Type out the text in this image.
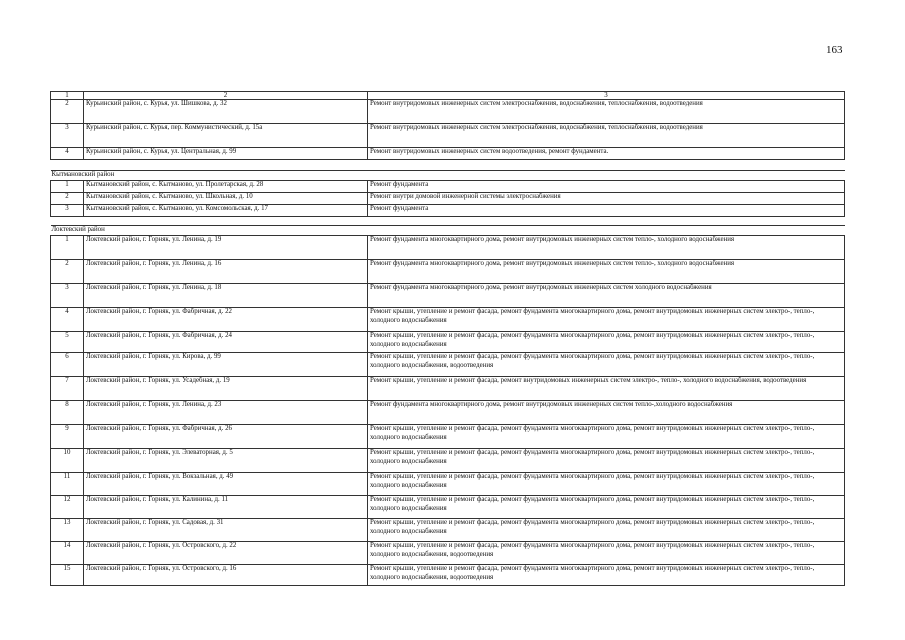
163
1	2	3
2	Курьинский район, с. Курья, ул. Шишкова, д. 32	Ремонт внутридомовых инженерных систем электроснабжения, водоснабжения, теплоснабжения, водоотведения
3	Курьинский район, с. Курья, пер. Коммунистический, д. 15а	Ремонт внутридомовых инженерных систем электроснабжения, водоснабжения, теплоснабжения, водоотведения
4	Курьинский район, с. Курья, ул. Центральная, д. 99	Ремонт внутридомовых инженерных систем водоотведения, ремонт фундамента.

Кытмановский район		
1	Кытмановский район, с. Кытманово, ул. Пролетарская, д. 28	Ремонт фундамента
2	Кытмановский район, с. Кытманово, ул. Школьная, д. 10	Ремонт внутри домовой инженерной системы электроснабжения
3	Кытмановский район, с. Кытманово, ул. Комсомольская, д. 17	Ремонт фундамента

Локтевский район		
1	Локтевский район, г. Горняк, ул. Ленина, д. 19	Ремонт фундамента многоквартирного дома, ремонт внутридомовых инженерных систем тепло-, холодного водоснабжения
2	Локтевский район, г. Горняк, ул. Ленина, д. 16	Ремонт фундамента многоквартирного дома, ремонт внутридомовых инженерных систем тепло-, холодного водоснабжения
3	Локтевский район, г. Горняк, ул. Ленина, д. 18	Ремонт фундамента многоквартирного дома, ремонт внутридомовых инженерных систем холодного водоснабжения
4	Локтевский район, г. Горняк, ул. Фабричная, д. 22	Ремонт крыши, утепление и ремонт фасада, ремонт фундамента многоквартирного дома, ремонт внутридомовых инженерных систем электро-, тепло-, холодного водоснабжения
5	Локтевский район, г. Горняк, ул. Фабричная, д. 24	Ремонт крыши, утепление и ремонт фасада, ремонт фундамента многоквартирного дома, ремонт внутридомовых инженерных систем электро-, тепло-, холодного водоснабжения
6	Локтевский район, г. Горняк, ул. Кирова, д. 99	Ремонт крыши, утепление и ремонт фасада, ремонт фундамента многоквартирного дома, ремонт внутридомовых инженерных систем электро-, тепло-, холодного водоснабжения, водоотведения
7	Локтевский район, г. Горняк, ул. Усадебная, д. 19	Ремонт крыши, утепление и ремонт фасада, ремонт внутридомовых инженерных систем электро-, тепло-, холодного водоснабжения, водоотведения
8	Локтевский район, г. Горняк, ул. Ленина, д. 23	Ремонт фундамента многоквартирного дома, ремонт внутридомовых инженерных систем тепло-,холодного водоснабжения
9	Локтевский район, г. Горняк, ул. Фабричная, д. 26	Ремонт крыши, утепление и ремонт фасада, ремонт фундамента многоквартирного дома, ремонт внутридомовых инженерных систем электро-, тепло-, холодного водоснабжения
10	Локтевский район, г. Горняк, ул. Элеваторная, д. 5	Ремонт крыши, утепление и ремонт фасада, ремонт фундамента многоквартирного дома, ремонт внутридомовых инженерных систем электро-, тепло-, холодного водоснабжения
11	Локтевский район, г. Горняк, ул. Вокзальная, д. 49	Ремонт крыши, утепление и ремонт фасада, ремонт фундамента многоквартирного дома, ремонт внутридомовых инженерных систем электро-, тепло-, холодного водоснабжения
12	Локтевский район, г. Горняк, ул. Калинина, д. 11	Ремонт крыши, утепление и ремонт фасада, ремонт фундамента многоквартирного дома, ремонт внутридомовых инженерных систем электро-, тепло-, холодного водоснабжения
13	Локтевский район, г. Горняк, ул. Садовая, д. 31	Ремонт крыши, утепление и ремонт фасада, ремонт фундамента многоквартирного дома, ремонт внутридомовых инженерных систем электро-, тепло-, холодного водоснабжения
14	Локтевский район, г. Горняк, ул. Островского, д. 22	Ремонт крыши, утепление и ремонт фасада, ремонт фундамента многоквартирного дома, ремонт внутридомовых инженерных систем электро-, тепло-, холодного водоснабжения, водоотведения
15	Локтевский район, г. Горняк, ул. Островского, д. 16	Ремонт крыши, утепление и ремонт фасада, ремонт фундамента многоквартирного дома, ремонт внутридомовых инженерных систем электро-, тепло-, холодного водоснабжения, водоотведения
